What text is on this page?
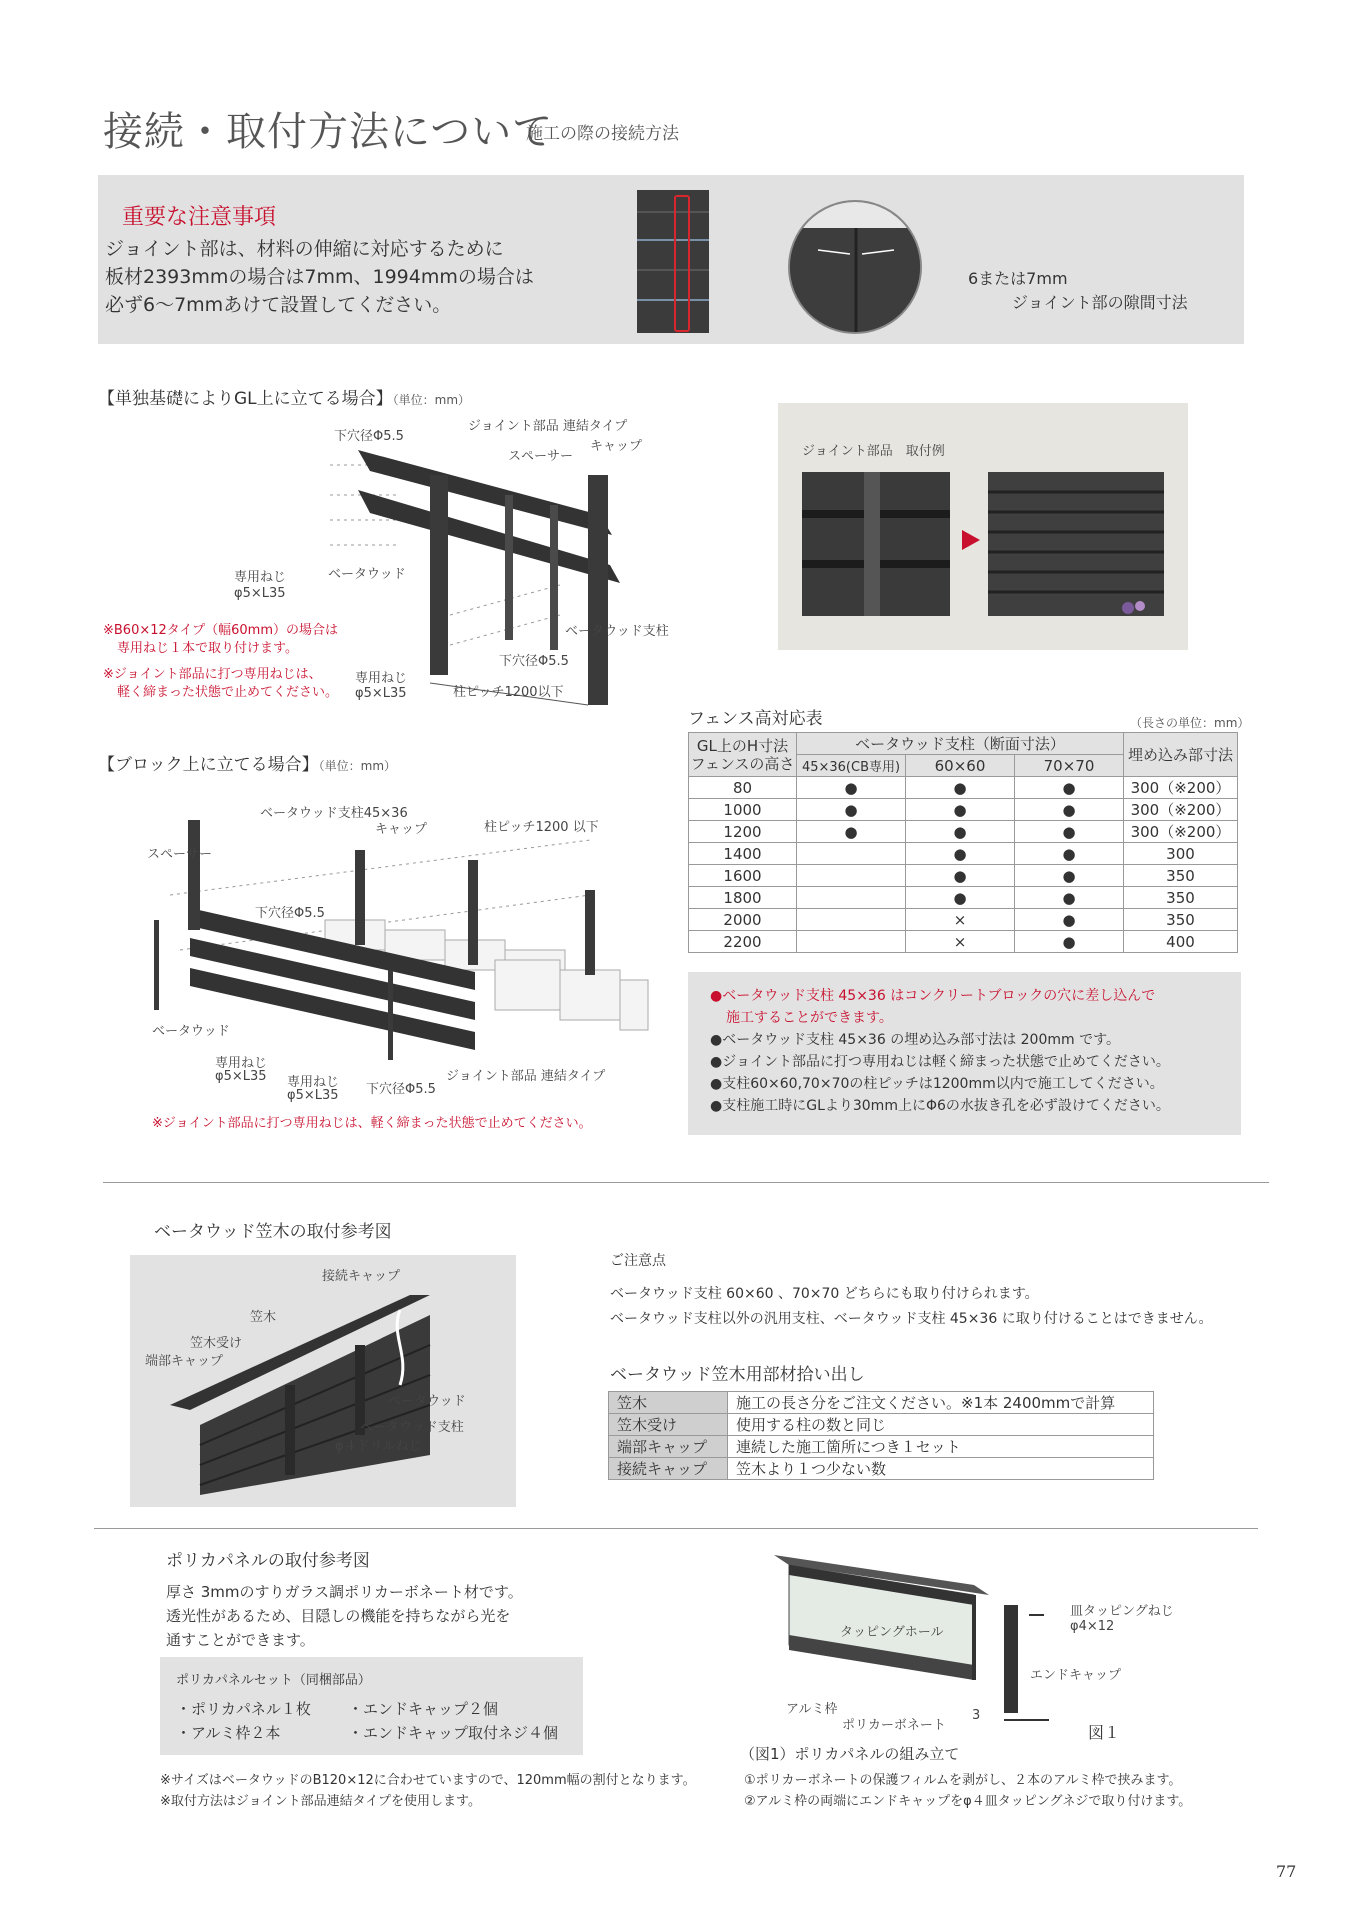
接続・取付方法について
施工の際の接続方法
重要な注意事項
ジョイント部は、材料の伸縮に対応するために
板材2393mmの場合は7mm、1994mmの場合は
必ず6〜7mmあけて設置してください。
6または7mm
ジョイント部の隙間寸法
【単独基礎によりGL上に立てる場合】（単位：mm）
下穴径Φ5.5
ジョイント部品 連結タイプ
キャップ
スペーサー
専用ねじ
φ5×L35
ベータウッド
ベータウッド支柱
下穴径Φ5.5
専用ねじ
φ5×L35	柱ピッチ1200以下
※B60×12タイプ（幅60mm）の場合は
専用ねじ１本で取り付けます。
※ジョイント部品に打つ専用ねじは、
軽く締まった状態で止めてください。
ジョイント部品　取付例
【ブロック上に立てる場合】（単位：mm）
ベータウッド支柱45×36
キャップ	柱ピッチ1200 以下
スペーサー
下穴径Φ5.5
ベータウッド
専用ねじ
φ5×L35 専用ねじ
φ5×L35 下穴径Φ5.5
ジョイント部品 連結タイプ
※ジョイント部品に打つ専用ねじは、軽く締まった状態で止めてください。
フェンス高対応表	（長さの単位：mm）
GL上のH寸法
フェンスの高さ	ベータウッド支柱（断面寸法）			埋め込み部寸法
	45×36(CB専用)	60×60	70×70	
80	●	●	●	300（※200）
1000	●	●	●	300（※200）
1200	●	●	●	300（※200）
1400		●	●	300
1600		●	●	350
1800		●	●	350
2000		×	●	350
2200		×	●	400
●ベータウッド支柱 45×36 はコンクリートブロックの穴に差し込んで
施工することができます。
●ベータウッド支柱 45×36 の埋め込み部寸法は 200mm です。
●ジョイント部品に打つ専用ねじは軽く締まった状態で止めてください。
●支柱60×60,70×70の柱ピッチは1200mm以内で施工してください。
●支柱施工時にGLより30mm上にΦ6の水抜き孔を必ず設けてください。
ベータウッド笠木の取付参考図
接続キャップ
笠木
笠木受け
端部キャップ
ベータウッド
ベータウッド支柱
φ４ドリルねじ
ご注意点
ベータウッド支柱 60×60 、70×70 どちらにも取り付けられます。
ベータウッド支柱以外の汎用支柱、ベータウッド支柱 45×36 に取り付けることはできません。
ベータウッド笠木用部材拾い出し
笠木	施工の長さ分をご注文ください。※1本 2400mmで計算
笠木受け	使用する柱の数と同じ
端部キャップ	連続した施工箇所につき１セット
接続キャップ	笠木より１つ少ない数
ポリカパネルの取付参考図
厚さ 3mmのすりガラス調ポリカーボネート材です。
透光性があるため、目隠しの機能を持ちながら光を
通すことができます。
ポリカパネルセット（同梱部品）
・ポリカパネル１枚
・アルミ枠２本
・エンドキャップ２個
・エンドキャップ取付ネジ４個
※サイズはベータウッドのB120×12に合わせていますので、120mm幅の割付となります。
※取付方法はジョイント部品連結タイプを使用します。
皿タッピングねじ
φ4×12
タッピングホール
エンドキャップ
アルミ枠
ポリカーボネート
3
図１
（図1）ポリカパネルの組み立て
①ポリカーボネートの保護フィルムを剥がし、２本のアルミ枠で挟みます。
②アルミ枠の両端にエンドキャップをφ４皿タッピングネジで取り付けます。
77
